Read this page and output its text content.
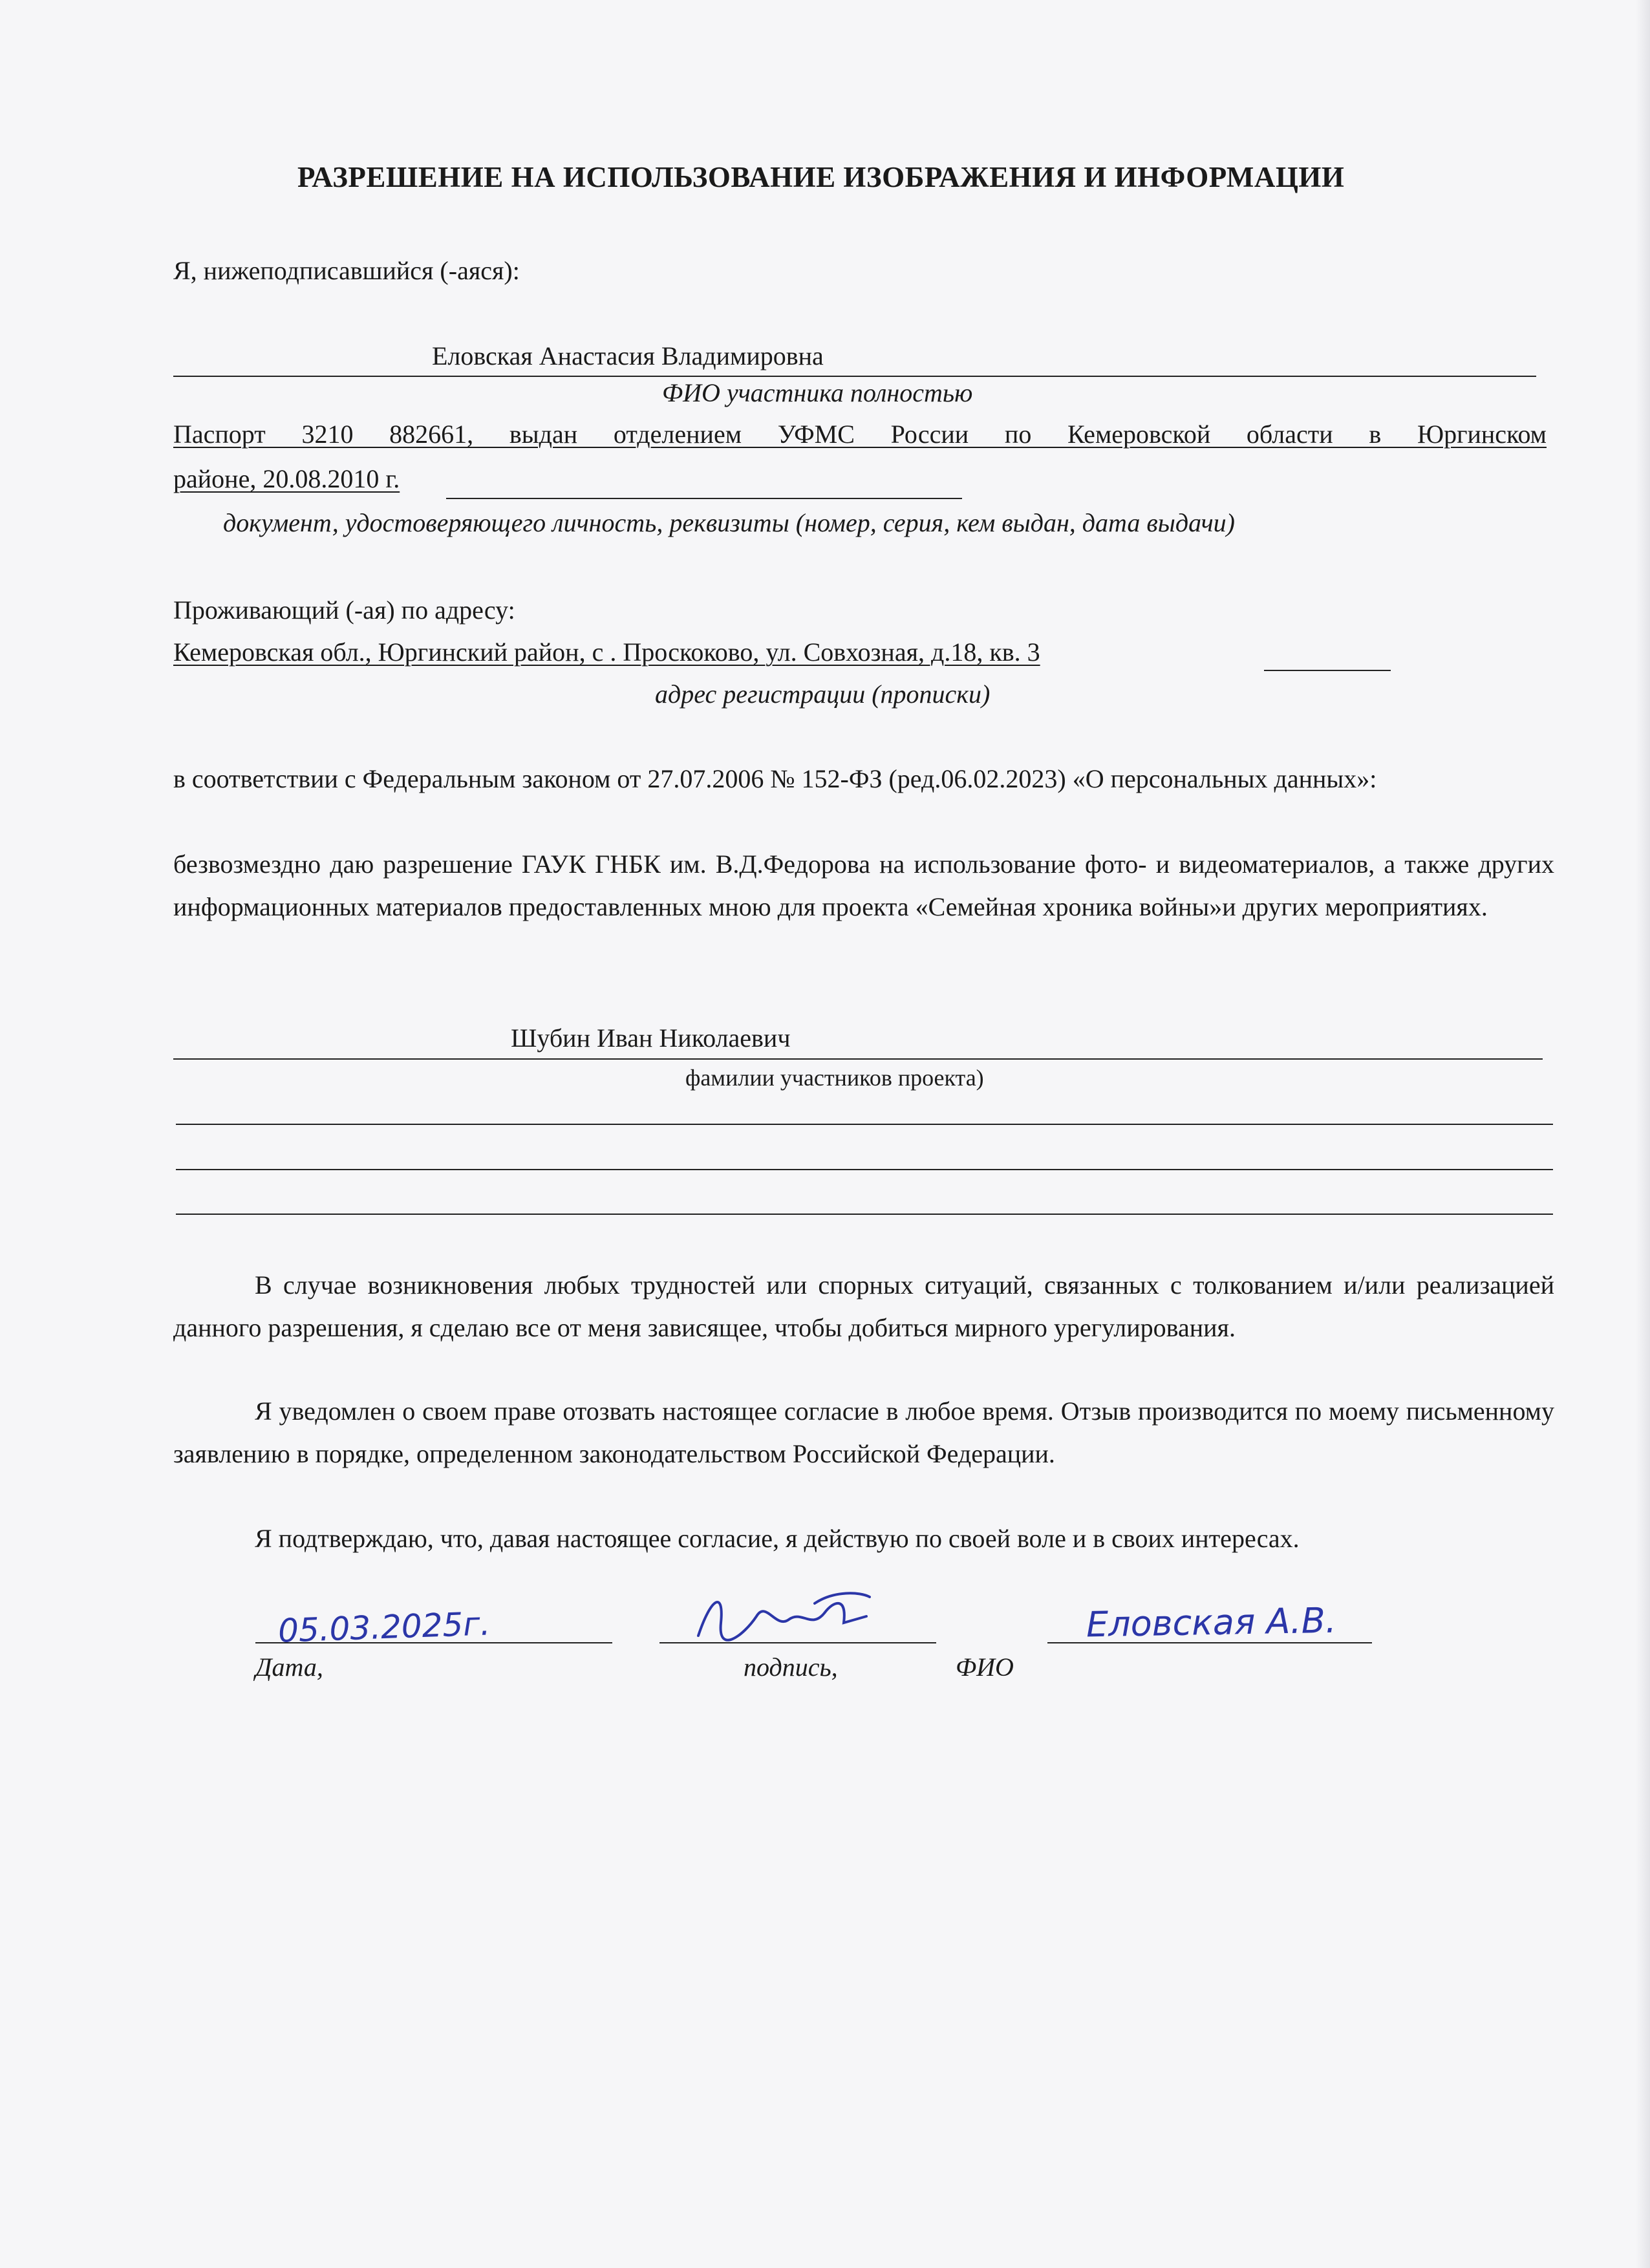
РАЗРЕШЕНИЕ НА ИСПОЛЬЗОВАНИЕ ИЗОБРАЖЕНИЯ И ИНФОРМАЦИИ
Я, нижеподписавшийся (-аяся):
Еловская Анастасия Владимировна
ФИО участника полностью
Паспорт 3210 882661, выдан отделением УФМС России по Кемеровской области в Юргинском
районе, 20.08.2010 г.
документ, удостоверяющего личность, реквизиты (номер, серия, кем выдан, дата выдачи)
Проживающий (-ая) по адресу:
Кемеровская обл., Юргинский район, с . Проскоково, ул. Совхозная, д.18, кв. 3
адрес регистрации (прописки)
в соответствии с Федеральным законом от 27.07.2006 № 152-ФЗ (ред.06.02.2023) «О персональных данных»:
безвозмездно даю разрешение ГАУК ГНБК им. В.Д.Федорова на использование фото- и видеоматериалов, а также других информационных материалов предоставленных мною для проекта «Семейная хроника войны»и других мероприятиях.
Шубин Иван Николаевич
фамилии участников проекта)
В случае возникновения любых трудностей или спорных ситуаций, связанных с толкованием и/или реализацией данного разрешения, я сделаю все от меня зависящее, чтобы добиться мирного урегулирования.
Я уведомлен о своем праве отозвать настоящее согласие в любое время. Отзыв производится по моему письменному заявлению в порядке, определенном законодательством Российской Федерации.
Я подтверждаю, что, давая настоящее согласие, я действую по своей воле и в своих интересах.
05.03.2025г.
Дата,	подпись,
Еловская А.В.
ФИО
